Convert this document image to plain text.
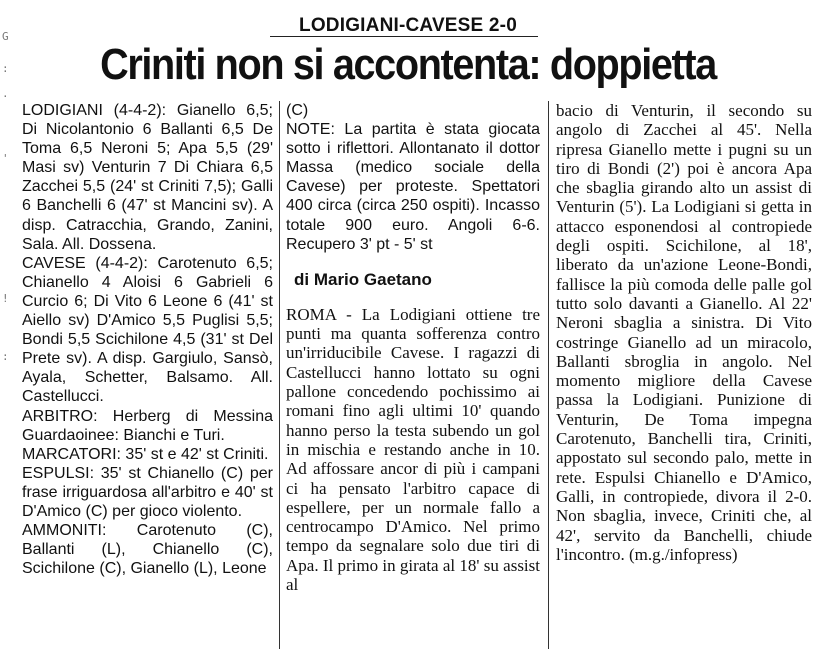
LODIGIANI-CAVESE 2-0
Criniti non si accontenta: doppietta
G
:
·
'
!
:

LODIGIANI (4-4-2): Gianello 6,5; Di Nicolantonio 6 Ballanti 6,5 De Toma 6,5 Neroni 5; Apa 5,5 (29' Masi sv) Venturin 7 Di Chiara 6,5 Zacchei 5,5 (24' st Criniti 7,5); Galli 6 Banchelli 6 (47' st Mancini sv). A disp. Catracchia, Grando, Zanini, Sala. All. Dossena.

CAVESE (4-4-2): Carotenuto 6,5; Chianello 4 Aloisi 6 Gabrieli 6 Curcio 6; Di Vito 6 Leone 6 (41' st Aiello sv) D'Amico 5,5 Puglisi 5,5; Bondi 5,5 Scichilone 4,5 (31' st Del Prete sv). A disp. Gargiulo, Sansò, Ayala, Schetter, Balsamo. All. Castellucci.

ARBITRO: Herberg di Messina Guardaoinee: Bianchi e Turi.

MARCATORI: 35' st e 42' st Criniti.

ESPULSI: 35' st Chianello (C) per frase irriguardosa all'arbitro e 40' st D'Amico (C) per gioco violento.

AMMONITI: Carotenuto (C), Ballanti (L), Chianello (C), Scichilone (C), Gianello (L), Leone

(C)

NOTE: La partita è stata giocata sotto i riflettori. Allontanato il dottor Massa (medico sociale della Cavese) per proteste. Spettatori 400 circa (circa 250 ospiti). Incasso totale 900 euro. Angoli 6-6. Recupero 3' pt - 5' st

di Mario Gaetano

ROMA - La Lodigiani ottiene tre punti ma quanta sofferenza contro un'irriducibile Cavese. I ragazzi di Castellucci hanno lottato su ogni pallone concedendo pochissimo ai romani fino agli ultimi 10' quando hanno perso la testa subendo un gol in mischia e restando anche in 10. Ad affossare ancor di più i campani ci ha pensato l'arbitro capace di espellere, per un normale fallo a centrocampo D'Amico. Nel primo tempo da segnalare solo due tiri di Apa. Il primo in girata al 18' su assist al

bacio di Venturin, il secondo su angolo di Zacchei al 45'. Nella ripresa Gianello mette i pugni su un tiro di Bondi (2') poi è ancora Apa che sbaglia girando alto un assist di Venturin (5'). La Lodigiani si getta in attacco esponendosi al contropiede degli ospiti. Scichilone, al 18', liberato da un'azione Leone-Bondi, fallisce la più comoda delle palle gol tutto solo davanti a Gianello. Al 22' Neroni sbaglia a sinistra. Di Vito costringe Gianello ad un miracolo, Ballanti sbroglia in angolo. Nel momento migliore della Cavese passa la Lodigiani. Punizione di Venturin, De Toma impegna Carotenuto, Banchelli tira, Criniti, appostato sul secondo palo, mette in rete. Espulsi Chianello e D'Amico, Galli, in contropiede, divora il 2-0. Non sbaglia, invece, Criniti che, al 42', servito da Banchelli, chiude l'incontro. (m.g./infopress)
